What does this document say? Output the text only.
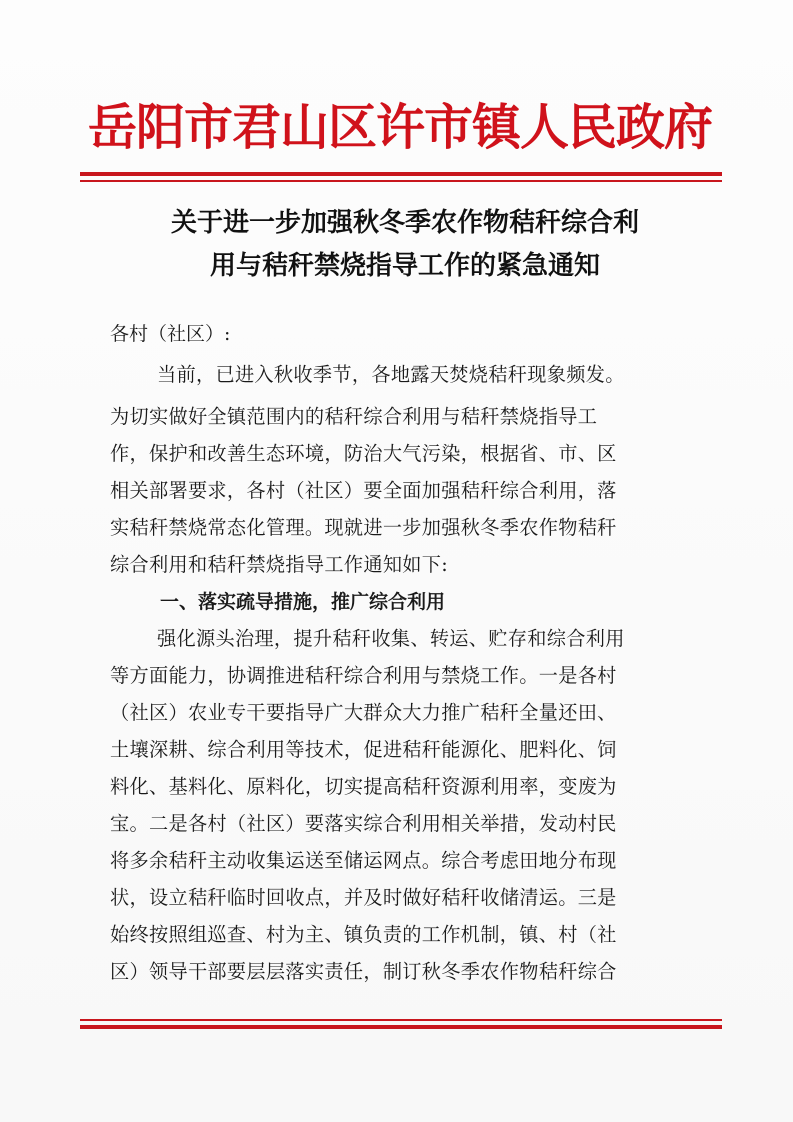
岳阳市君山区许市镇人民政府
关于进一步加强秋冬季农作物秸秆综合利
用与秸秆禁烧指导工作的紧急通知
各村（社区）:
当前，已进入秋收季节，各地露天焚烧秸秆现象频发。
为切实做好全镇范围内的秸秆综合利用与秸秆禁烧指导工
作，保护和改善生态环境，防治大气污染，根据省、市、区
相关部署要求，各村（社区）要全面加强秸秆综合利用，落
实秸秆禁烧常态化管理。现就进一步加强秋冬季农作物秸秆
综合利用和秸秆禁烧指导工作通知如下:
一、落实疏导措施，推广综合利用
强化源头治理，提升秸秆收集、转运、贮存和综合利用
等方面能力，协调推进秸秆综合利用与禁烧工作。一是各村
（社区）农业专干要指导广大群众大力推广秸秆全量还田、
土壤深耕、综合利用等技术，促进秸秆能源化、肥料化、饲
料化、基料化、原料化，切实提高秸秆资源利用率，变废为
宝。二是各村（社区）要落实综合利用相关举措，发动村民
将多余秸秆主动收集运送至储运网点。综合考虑田地分布现
状，设立秸秆临时回收点，并及时做好秸秆收储清运。三是
始终按照组巡查、村为主、镇负责的工作机制，镇、村（社
区）领导干部要层层落实责任，制订秋冬季农作物秸秆综合
